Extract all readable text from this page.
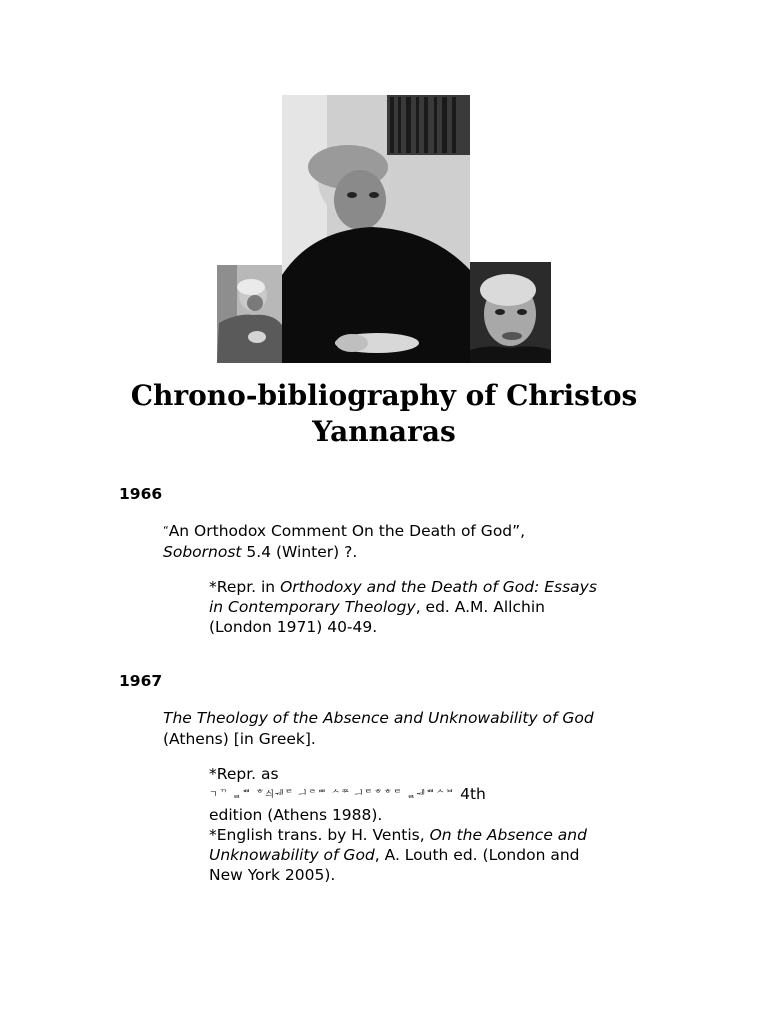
Chrono-bibliography of Christos
Yannaras
1966
“An Orthodox Comment On the Death of God”,
Sobornost 5.4 (Winter) ?.
*Repr. in Orthodoxy and the Death of God: Essays
in Contemporary Theology, ed. A.M. Allchin
(London 1971) 40-49.
1967
The Theology of the Absence and Unknowability of God
(Athens) [in Greek].
*Repr. as
ㄱᄁ ᆯᄈ ᄒ싀ᅰᄐ ᅴᄅᄈ ᄉᄍ ᅴᄐᄒᄒᄐ ᆯᅰᄈᄉᄇ 4th
edition (Athens 1988).
*English trans. by H. Ventis, On the Absence and
Unknowability of God, A. Louth ed. (London and
New York 2005).
